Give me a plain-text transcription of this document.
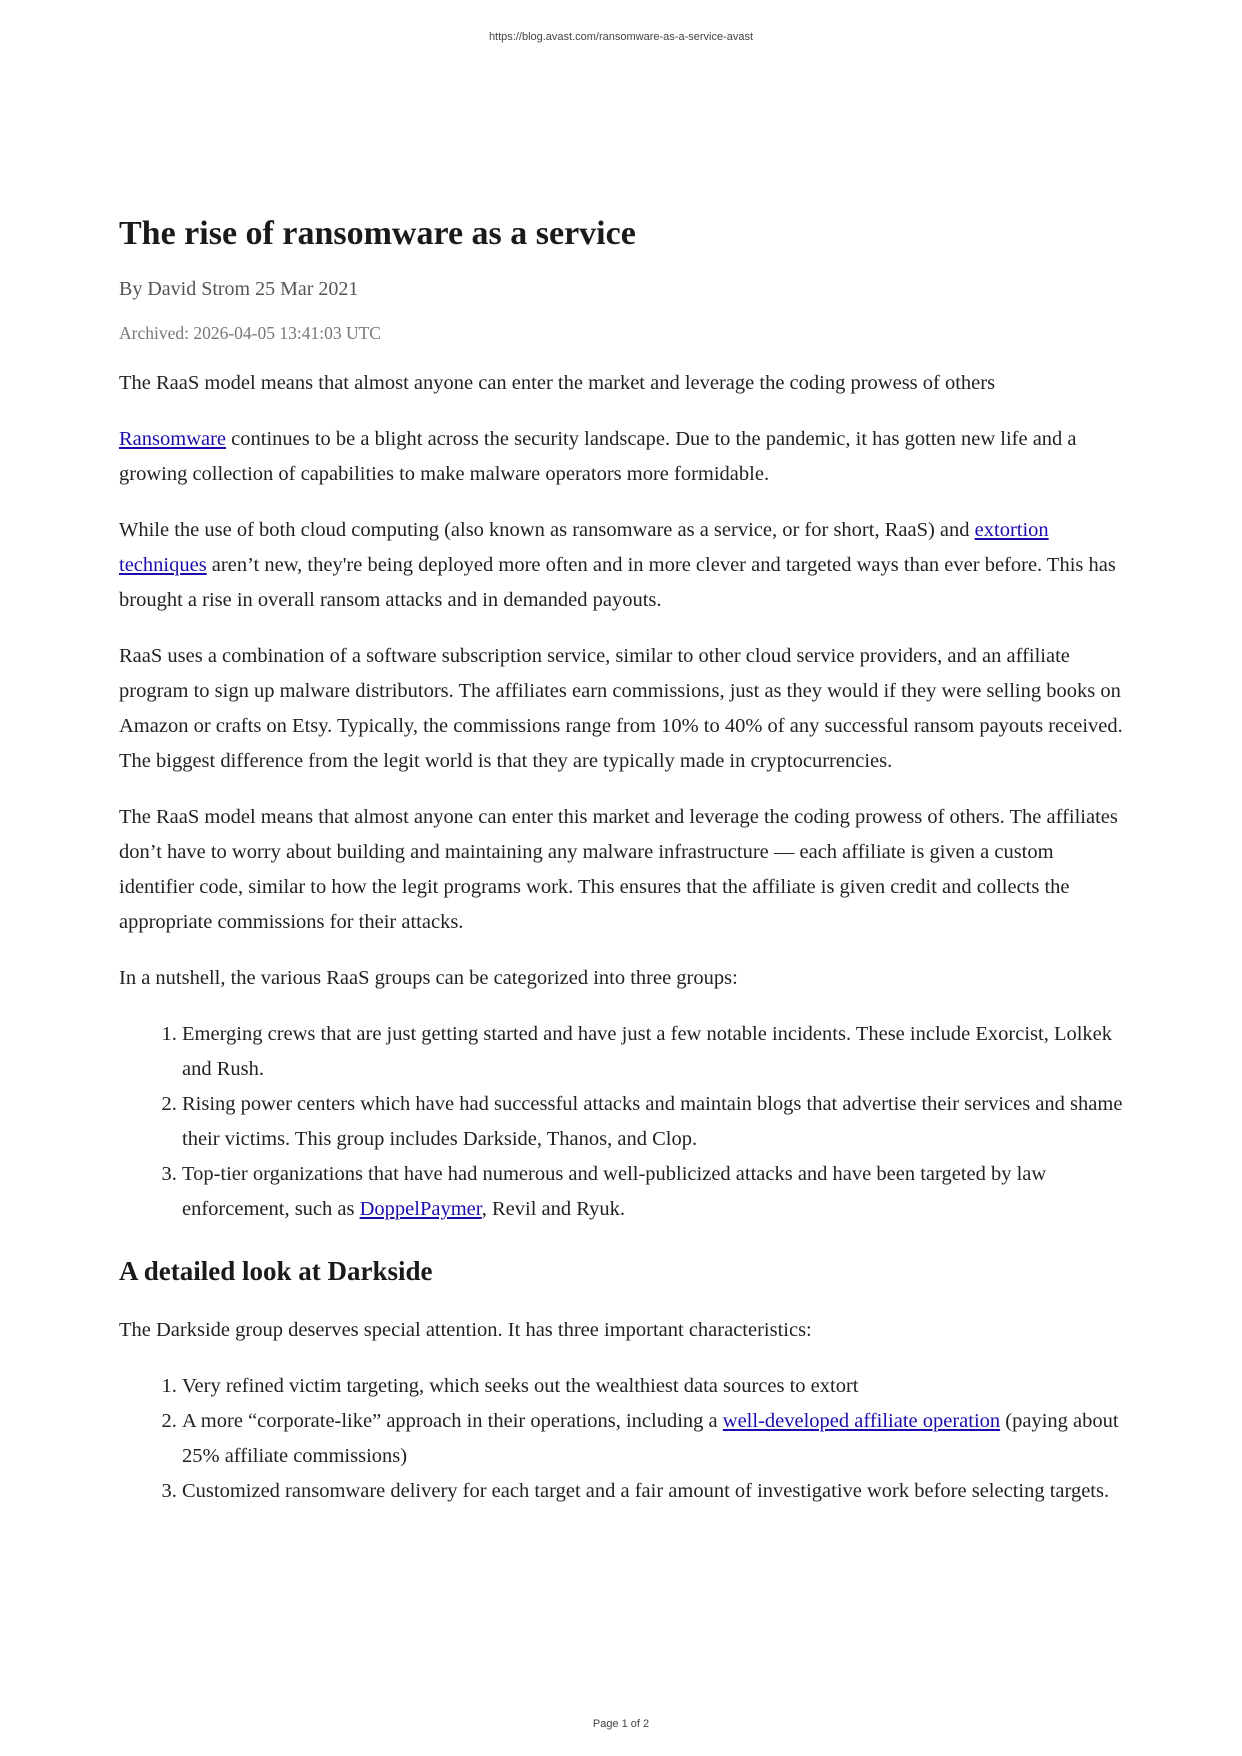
https://blog.avast.com/ransomware-as-a-service-avast
The rise of ransomware as a service
By David Strom 25 Mar 2021
Archived: 2026-04-05 13:41:03 UTC

The RaaS model means that almost anyone can enter the market and leverage the coding prowess of others

Ransomware continues to be a blight across the security landscape. Due to the pandemic, it has gotten new life and a growing collection of capabilities to make malware operators more formidable.

While the use of both cloud computing (also known as ransomware as a service, or for short, RaaS) and extortion techniques aren’t new, they're being deployed more often and in more clever and targeted ways than ever before. This has brought a rise in overall ransom attacks and in demanded payouts.

RaaS uses a combination of a software subscription service, similar to other cloud service providers, and an affiliate program to sign up malware distributors. The affiliates earn commissions, just as they would if they were selling books on Amazon or crafts on Etsy. Typically, the commissions range from 10% to 40% of any successful ransom payouts received. The biggest difference from the legit world is that they are typically made in cryptocurrencies.

The RaaS model means that almost anyone can enter this market and leverage the coding prowess of others. The affiliates don’t have to worry about building and maintaining any malware infrastructure — each affiliate is given a custom identifier code, similar to how the legit programs work. This ensures that the affiliate is given credit and collects the appropriate commissions for their attacks.

In a nutshell, the various RaaS groups can be categorized into three groups:

1. Emerging crews that are just getting started and have just a few notable incidents. These include Exorcist, Lolkek and Rush.
2. Rising power centers which have had successful attacks and maintain blogs that advertise their services and shame their victims. This group includes Darkside, Thanos, and Clop.
3. Top-tier organizations that have had numerous and well-publicized attacks and have been targeted by law enforcement, such as DoppelPaymer, Revil and Ryuk.
A detailed look at Darkside

The Darkside group deserves special attention. It has three important characteristics:

1. Very refined victim targeting, which seeks out the wealthiest data sources to extort
2. A more “corporate-like” approach in their operations, including a well-developed affiliate operation (paying about 25% affiliate commissions)
3. Customized ransomware delivery for each target and a fair amount of investigative work before selecting targets.
Page 1 of 2
